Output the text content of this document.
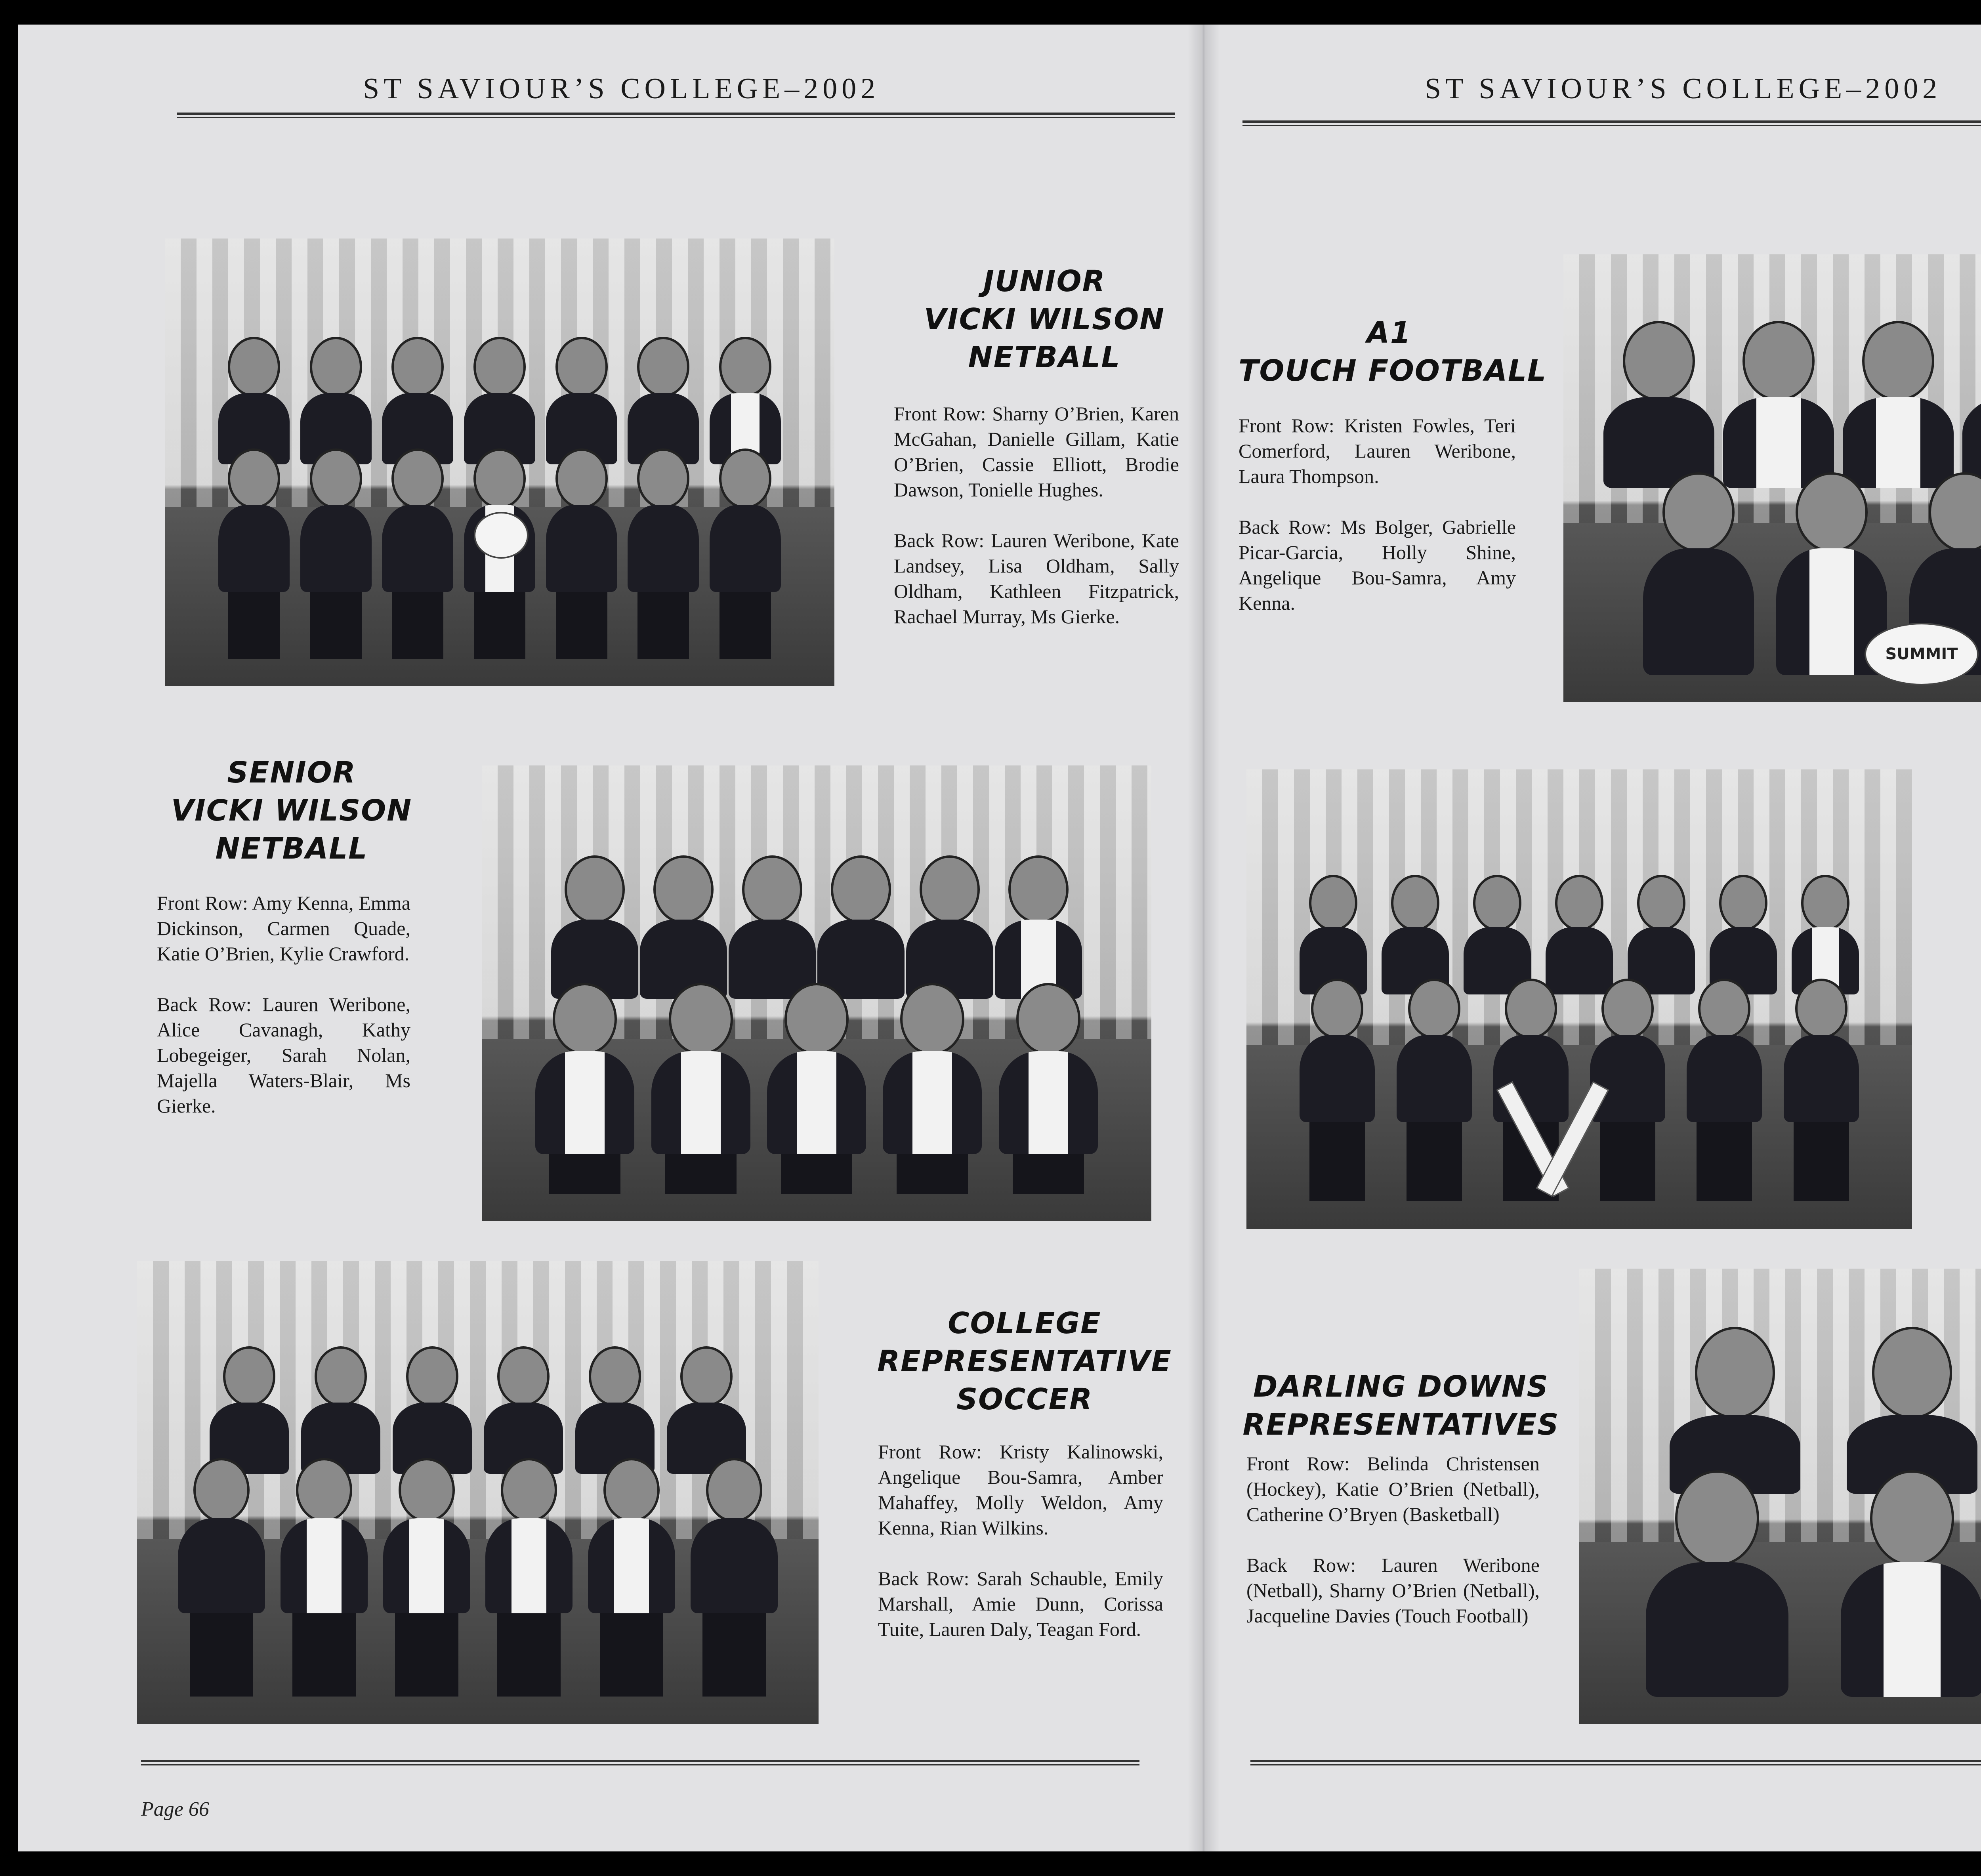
ST SAVIOUR’S COLLEGE–2002
JUNIOR
VICKI WILSON
NETBALL

Front Row: Sharny O’Brien, Karen McGahan, Danielle Gillam, Katie O’Brien, Cassie Elliott, Brodie Dawson, Tonielle Hughes.

Back Row: Lauren Weribone, Kate Landsey, Lisa Oldham, Sally Oldham, Kathleen Fitzpatrick, Rachael Murray, Ms Gierke.

SENIOR
VICKI WILSON
NETBALL

Front Row: Amy Kenna, Emma Dickinson, Carmen Quade, Katie O’Brien, Kylie Crawford.

Back Row: Lauren Weribone, Alice Cavanagh, Kathy Lobegeiger, Sarah Nolan, Majella Waters-Blair, Ms Gierke.

COLLEGE
REPRESENTATIVE
SOCCER

Front Row: Kristy Kalinowski, Angelique Bou-Samra, Amber Mahaffey, Molly Weldon, Amy Kenna, Rian Wilkins.

Back Row: Sarah Schauble, Emily Marshall, Amie Dunn, Corissa Tuite, Lauren Daly, Teagan Ford.

Page 66
ST SAVIOUR’S COLLEGE–2002
A1
TOUCH FOOTBALL

Front Row: Kristen Fowles, Teri Comerford, Lauren Weribone, Laura Thompson.

Back Row: Ms Bolger, Gabrielle Picar-Garcia, Holly Shine, Angelique Bou-Samra, Amy Kenna.

SUMMIT

DARLING DOWNS
REPRESENTATIVES

Front Row: Belinda Christensen (Hockey), Katie O’Brien (Netball), Catherine O’Bryen (Basketball)

Back Row: Lauren Weribone (Netball), Sharny O’Brien (Netball), Jacqueline Davies (Touch Football)
